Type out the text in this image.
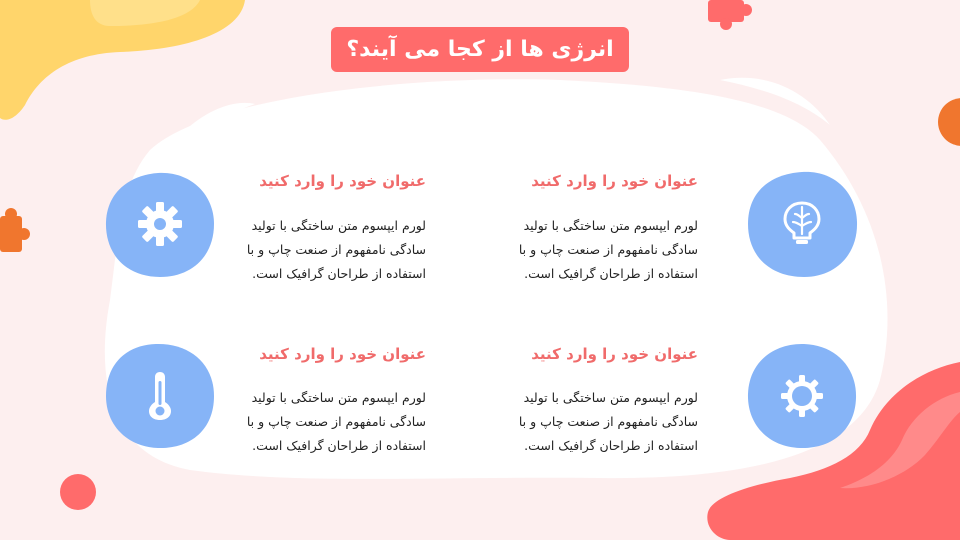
انرژی ها از کجا می آیند؟
عنوان خود را وارد کنید
لورم ایپسوم متن ساختگی با تولید
سادگی نامفهوم از صنعت چاپ و با
استفاده از طراحان گرافیک است.
عنوان خود را وارد کنید
لورم ایپسوم متن ساختگی با تولید
سادگی نامفهوم از صنعت چاپ و با
استفاده از طراحان گرافیک است.
عنوان خود را وارد کنید
لورم ایپسوم متن ساختگی با تولید
سادگی نامفهوم از صنعت چاپ و با
استفاده از طراحان گرافیک است.
عنوان خود را وارد کنید
لورم ایپسوم متن ساختگی با تولید
سادگی نامفهوم از صنعت چاپ و با
استفاده از طراحان گرافیک است.
